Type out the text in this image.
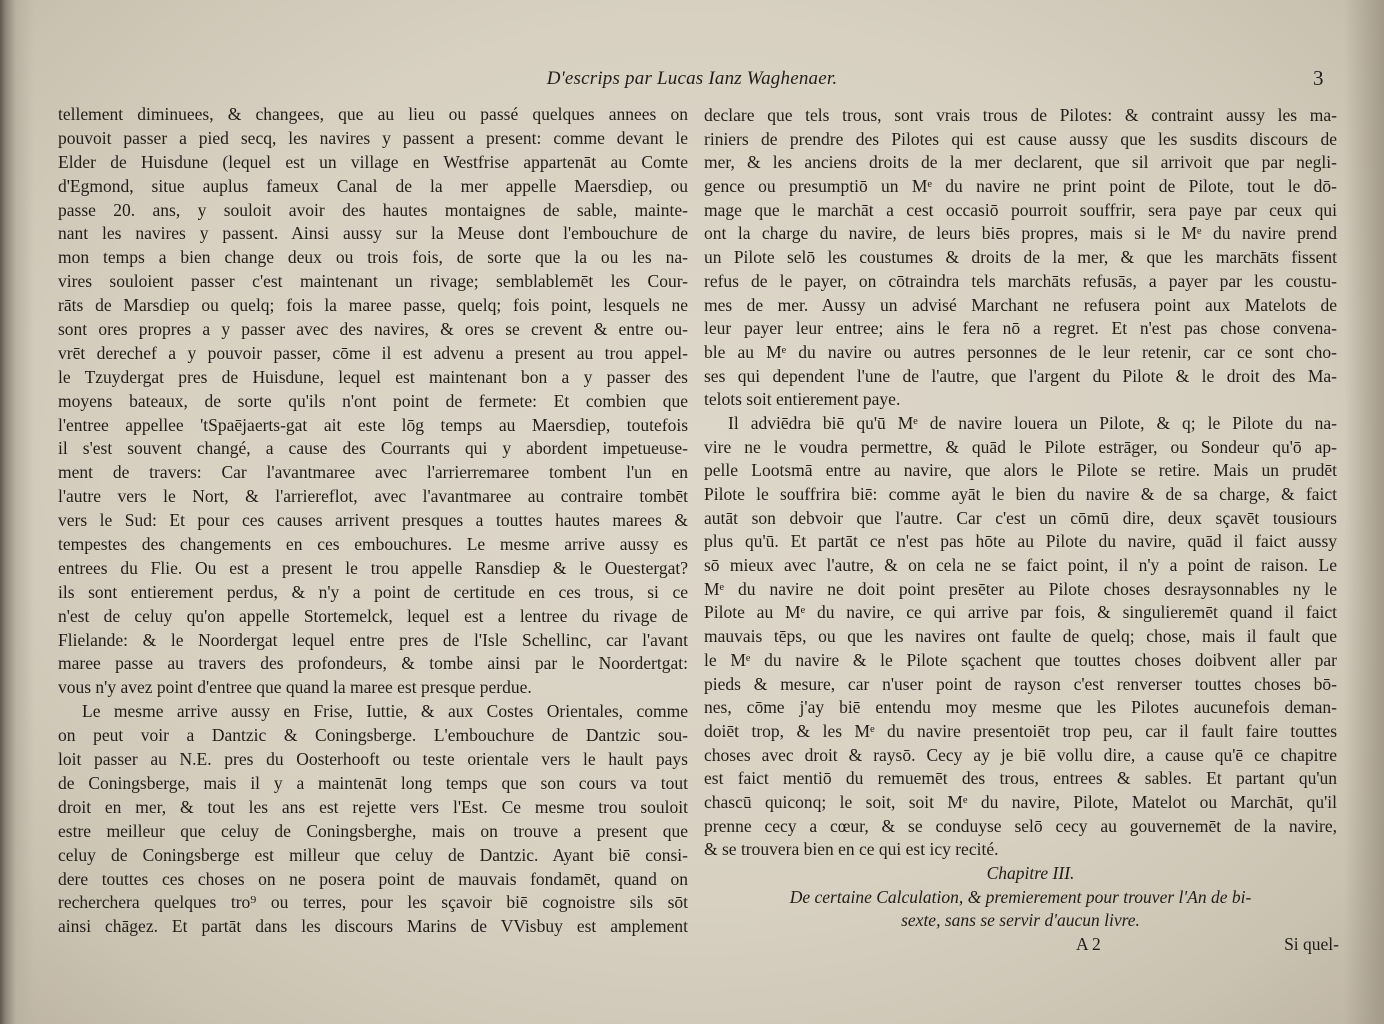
D'escrips par Lucas Ianz Waghenaer.	3
tellement diminuees, & changees, que au lieu ou passé quelques annees on
pouvoit passer a pied secq, les navires y passent a present: comme devant le
Elder de Huisdune (lequel est un village en Westfrise appartenāt au Comte
d'Egmond, situe auplus fameux Canal de la mer appelle Maersdiep, ou
passe 20. ans, y souloit avoir des hautes montaignes de sable, mainte-
nant les navires y passent. Ainsi aussy sur la Meuse dont l'embouchure de
mon temps a bien change deux ou trois fois, de sorte que la ou les na-
vires souloient passer c'est maintenant un rivage; semblablemēt les Cour-
rāts de Marsdiep ou quelq; fois la maree passe, quelq; fois point, lesquels ne
sont ores propres a y passer avec des navires, & ores se crevent & entre ou-
vrēt derechef a y pouvoir passer, cōme il est advenu a present au trou appel-
le Tzuydergat pres de Huisdune, lequel est maintenant bon a y passer des
moyens bateaux, de sorte qu'ils n'ont point de fermete: Et combien que
l'entree appellee 'tSpaējaerts-gat ait este lōg temps au Maersdiep, toutefois
il s'est souvent changé, a cause des Courrants qui y abordent impetueuse-
ment de travers: Car l'avantmaree avec l'arrierremaree tombent l'un en
l'autre vers le Nort, & l'arriereflot, avec l'avantmaree au contraire tombēt
vers le Sud: Et pour ces causes arrivent presques a touttes hautes marees &
tempestes des changements en ces embouchures. Le mesme arrive aussy es
entrees du Flie. Ou est a present le trou appelle Ransdiep & le Ouestergat?
ils sont entierement perdus, & n'y a point de certitude en ces trous, si ce
n'est de celuy qu'on appelle Stortemelck, lequel est a lentree du rivage de
Flielande: & le Noordergat lequel entre pres de l'Isle Schellinc, car l'avant
maree passe au travers des profondeurs, & tombe ainsi par le Noordertgat:
vous n'y avez point d'entree que quand la maree est presque perdue.
Le mesme arrive aussy en Frise, Iuttie, & aux Costes Orientales, comme
on peut voir a Dantzic & Coningsberge. L'embouchure de Dantzic sou-
loit passer au N.E. pres du Oosterhooft ou teste orientale vers le hault pays
de Coningsberge, mais il y a maintenāt long temps que son cours va tout
droit en mer, & tout les ans est rejette vers l'Est. Ce mesme trou souloit
estre meilleur que celuy de Coningsberghe, mais on trouve a present que
celuy de Coningsberge est milleur que celuy de Dantzic. Ayant biē consi-
dere touttes ces choses on ne posera point de mauvais fondamēt, quand on
recherchera quelques tro⁹ ou terres, pour les sçavoir biē cognoistre sils sōt
ainsi chāgez. Et partāt dans les discours Marins de VVisbuy est amplement
declare que tels trous, sont vrais trous de Pilotes: & contraint aussy les ma-
riniers de prendre des Pilotes qui est cause aussy que les susdits discours de
mer, & les anciens droits de la mer declarent, que sil arrivoit que par negli-
gence ou presumptiō un Mᵉ du navire ne print point de Pilote, tout le dō-
mage que le marchāt a cest occasiō pourroit souffrir, sera paye par ceux qui
ont la charge du navire, de leurs biēs propres, mais si le Mᵉ du navire prend
un Pilote selō les coustumes & droits de la mer, & que les marchāts fissent
refus de le payer, on cōtraindra tels marchāts refusās, a payer par les coustu-
mes de mer. Aussy un advisé Marchant ne refusera point aux Matelots de
leur payer leur entree; ains le fera nō a regret. Et n'est pas chose convena-
ble au Mᵉ du navire ou autres personnes de le leur retenir, car ce sont cho-
ses qui dependent l'une de l'autre, que l'argent du Pilote & le droit des Ma-
telots soit entierement paye.
Il adviēdra biē qu'ū Mᵉ de navire louera un Pilote, & q; le Pilote du na-
vire ne le voudra permettre, & quād le Pilote estrāger, ou Sondeur qu'ō ap-
pelle Lootsmā entre au navire, que alors le Pilote se retire. Mais un prudēt
Pilote le souffrira biē: comme ayāt le bien du navire & de sa charge, & faict
autāt son debvoir que l'autre. Car c'est un cōmū dire, deux sçavēt tousiours
plus qu'ū. Et partāt ce n'est pas hōte au Pilote du navire, quād il faict aussy
sō mieux avec l'autre, & on cela ne se faict point, il n'y a point de raison. Le
Mᵉ du navire ne doit point presēter au Pilote choses desraysonnables ny le
Pilote au Mᵉ du navire, ce qui arrive par fois, & singulieremēt quand il faict
mauvais tēps, ou que les navires ont faulte de quelq; chose, mais il fault que
le Mᵉ du navire & le Pilote sçachent que touttes choses doibvent aller par
pieds & mesure, car n'user point de rayson c'est renverser touttes choses bō-
nes, cōme j'ay biē entendu moy mesme que les Pilotes aucunefois deman-
doiēt trop, & les Mᵉ du navire presentoiēt trop peu, car il fault faire touttes
choses avec droit & raysō. Cecy ay je biē vollu dire, a cause qu'ē ce chapitre
est faict mentiō du remuemēt des trous, entrees & sables. Et partant qu'un
chascū quiconq; le soit, soit Mᵉ du navire, Pilote, Matelot ou Marchāt, qu'il
prenne cecy a cœur, & se conduyse selō cecy au gouvernemēt de la navire,
& se trouvera bien en ce qui est icy recité.
Chapitre III.
De certaine Calculation, & premierement pour trouver l'An de bi-
sexte, sans se servir d'aucun livre.
A 2	Si quel-
